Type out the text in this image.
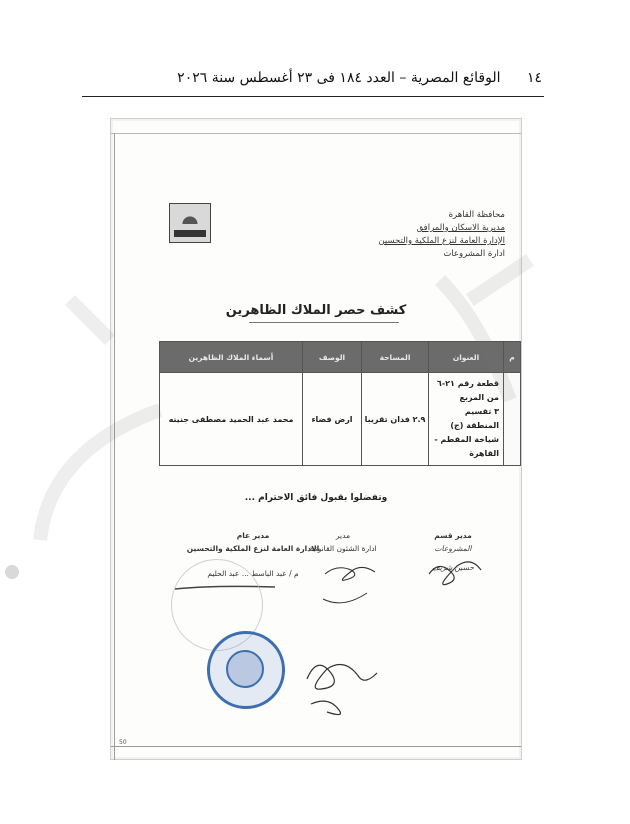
١٤ الوقائع المصرية – العدد ١٨٤ فى ٢٣ أغسطس سنة ٢٠٢٦
محافظة القاهرة
مديرية الاسكان والمرافق
الإدارة العامة لنزع الملكية والتحسين
ادارة المشروعات
كشف حصر الملاك الظاهرين
م	العنوان	المساحة	الوصف	أسماء الملاك الظاهرين

	قطعة رقم ٢١-٦ من المربع
٣ تقسيم المنطقة (ج)
شياخة المقطم - القاهرة	٢.٩ فدان تقريبا	ارض فضاء	محمد عبد الحميد مصطفى جنينه
وتفضلوا بقبول فائق الاحترام ...
مدير قسم
المشروعات
حسين شريف
مدير
ادارة الشئون القانونية
مدير عام
الادارة العامة لنزع الملكية والتحسين
م / عبد الباسط ... عبد الحليم
50
